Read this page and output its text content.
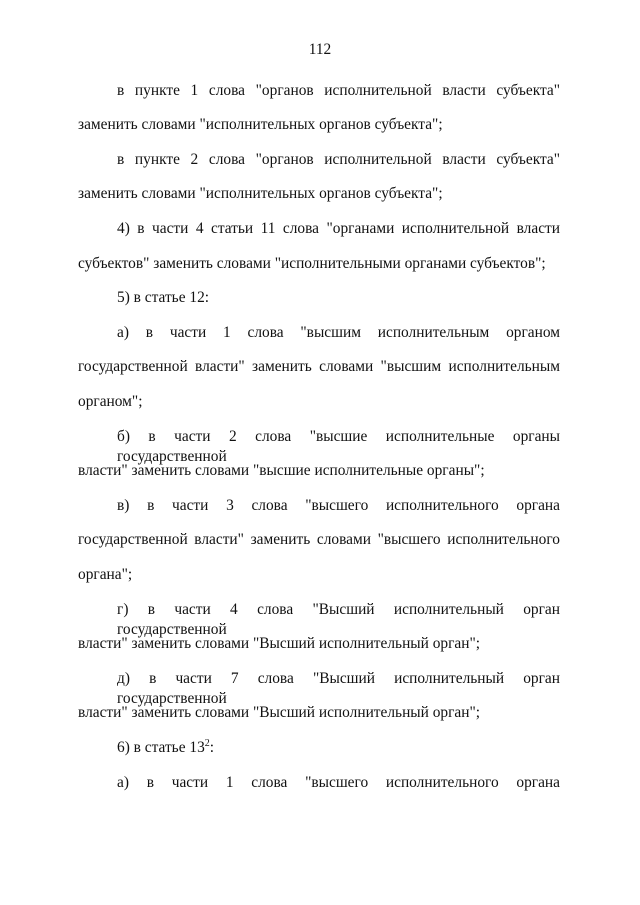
112
в пункте 1 слова "органов исполнительной власти субъекта"
заменить словами "исполнительных органов субъекта";
в пункте 2 слова "органов исполнительной власти субъекта"
заменить словами "исполнительных органов субъекта";
4) в части 4 статьи 11 слова "органами исполнительной власти
субъектов" заменить словами "исполнительными органами субъектов";
5) в статье 12:
а) в части 1 слова "высшим исполнительным органом
государственной власти" заменить словами "высшим исполнительным
органом";
б) в части 2 слова "высшие исполнительные органы государственной
власти" заменить словами "высшие исполнительные органы";
в) в части 3 слова "высшего исполнительного органа
государственной власти" заменить словами "высшего исполнительного
органа";
г) в части 4 слова "Высший исполнительный орган государственной
власти" заменить словами "Высший исполнительный орган";
д) в части 7 слова "Высший исполнительный орган государственной
власти" заменить словами "Высший исполнительный орган";
6) в статье $13^2$:
а) в части 1 слова "высшего исполнительного органа
